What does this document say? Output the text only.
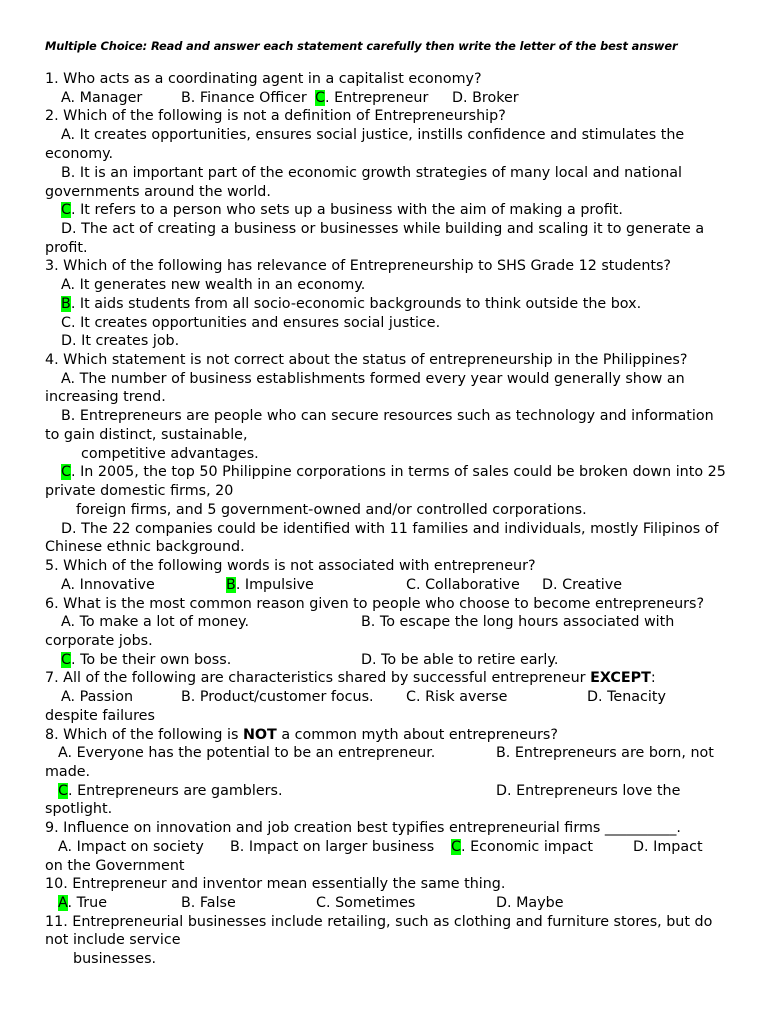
Multiple Choice: Read and answer each statement carefully then write the letter of the best answer
1. Who acts as a coordinating agent in a capitalist economy?
A. Manager	B. Finance Officer C. Entrepreneur D. Broker
2. Which of the following is not a definition of Entrepreneurship?
A. It creates opportunities, ensures social justice, instills confidence and stimulates the
economy.
B. It is an important part of the economic growth strategies of many local and national
governments around the world.
C. It refers to a person who sets up a business with the aim of making a profit.
D. The act of creating a business or businesses while building and scaling it to generate a
profit.
3. Which of the following has relevance of Entrepreneurship to SHS Grade 12 students?
A. It generates new wealth in an economy.
B. It aids students from all socio-economic backgrounds to think outside the box.
C. It creates opportunities and ensures social justice.
D. It creates job.
4. Which statement is not correct about the status of entrepreneurship in the Philippines?
A. The number of business establishments formed every year would generally show an
increasing trend.
B. Entrepreneurs are people who can secure resources such as technology and information
to gain distinct, sustainable,
competitive advantages.
C. In 2005, the top 50 Philippine corporations in terms of sales could be broken down into 25
private domestic firms, 20
foreign firms, and 5 government-owned and/or controlled corporations.
D. The 22 companies could be identified with 11 families and individuals, mostly Filipinos of
Chinese ethnic background.
5. Which of the following words is not associated with entrepreneur?
A. Innovative	B. Impulsive	C. Collaborative D. Creative
6. What is the most common reason given to people who choose to become entrepreneurs?
A. To make a lot of money.	B. To escape the long hours associated with
corporate jobs.
C. To be their own boss.	D. To be able to retire early.
7. All of the following are characteristics shared by successful entrepreneur EXCEPT:
A. Passion	B. Product/customer focus. C. Risk averse	D. Tenacity
despite failures
8. Which of the following is NOT a common myth about entrepreneurs?
A. Everyone has the potential to be an entrepreneur.	B. Entrepreneurs are born, not
made.
C. Entrepreneurs are gamblers.	D. Entrepreneurs love the
spotlight.
9. Influence on innovation and job creation best typifies entrepreneurial firms __________.
A. Impact on society B. Impact on larger business C. Economic impact	D. Impact
on the Government
10. Entrepreneur and inventor mean essentially the same thing.
A. True	B. False	C. Sometimes	D. Maybe
11. Entrepreneurial businesses include retailing, such as clothing and furniture stores, but do
not include service
businesses.
